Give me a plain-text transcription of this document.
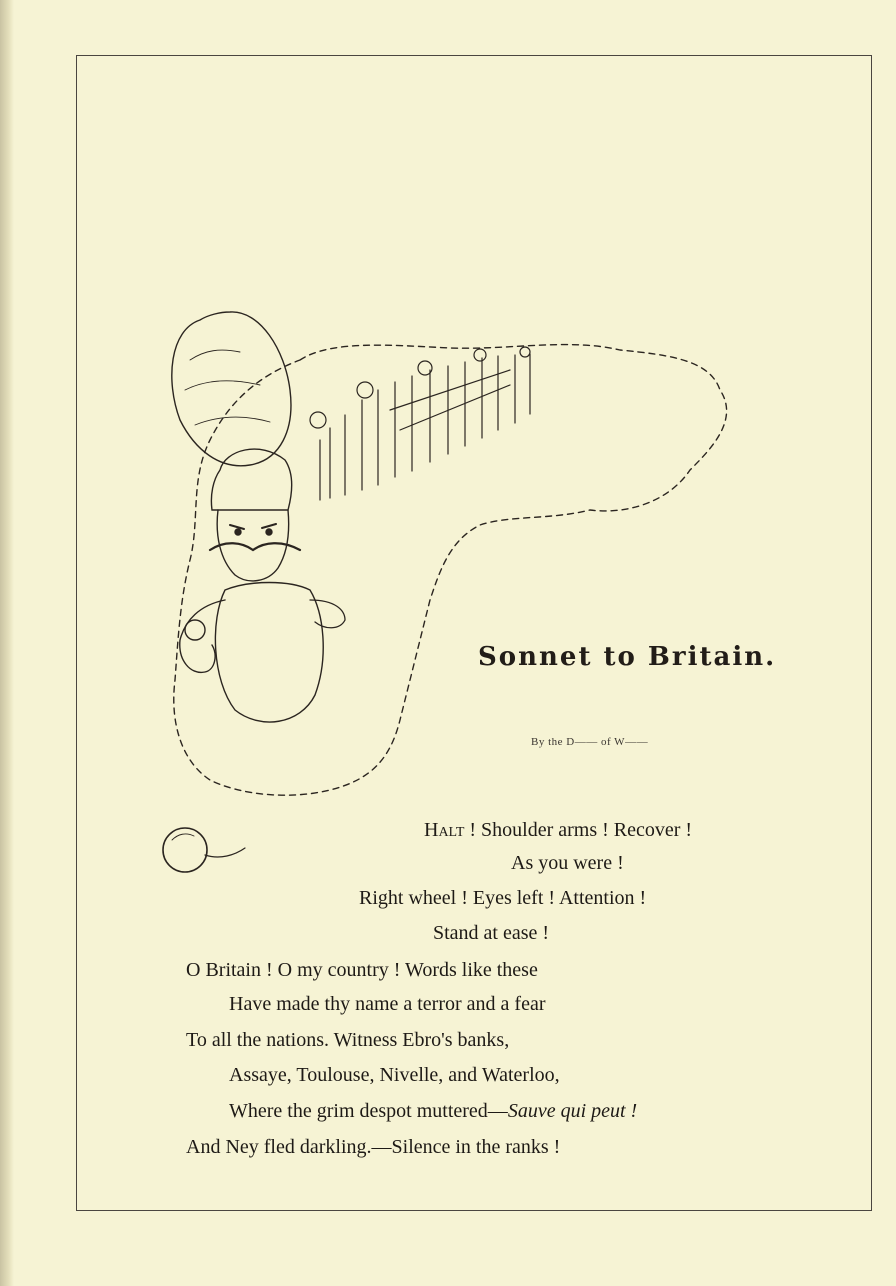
Sonnet to Britain.
By the D—— of W——
Halt ! Shoulder arms ! Recover !
As you were !
Right wheel ! Eyes left ! Attention !
Stand at ease !
O Britain ! O my country ! Words like these
Have made thy name a terror and a fear
To all the nations. Witness Ebro's banks,
Assaye, Toulouse, Nivelle, and Waterloo,
Where the grim despot muttered—Sauve qui peut !
And Ney fled darkling.—Silence in the ranks !
